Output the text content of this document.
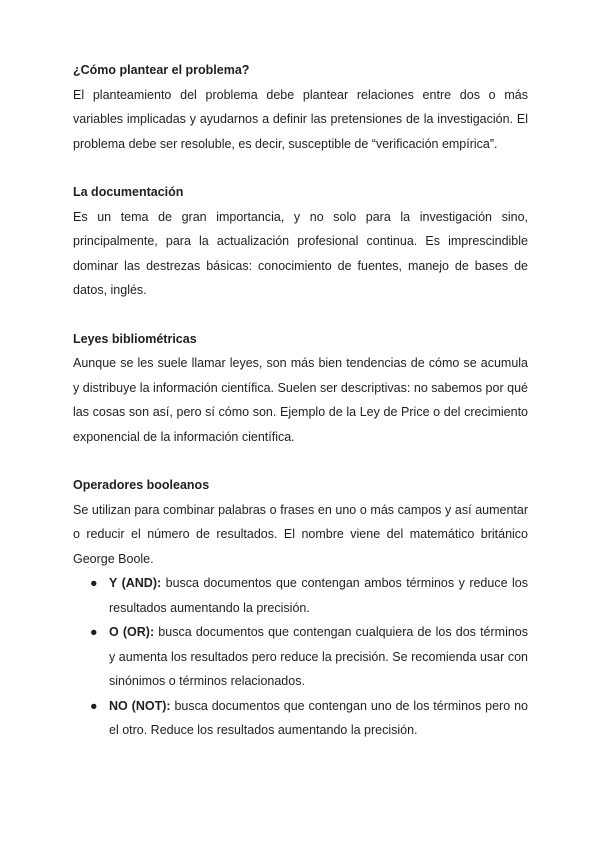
¿Cómo plantear el problema?

El planteamiento del problema debe plantear relaciones entre dos o más variables implicadas y ayudarnos a definir las pretensiones de la investigación. El problema debe ser resoluble, es decir, susceptible de “verificación empírica”.

La documentación

Es un tema de gran importancia, y no solo para la investigación sino, principalmente, para la actualización profesional continua. Es imprescindible dominar las destrezas básicas: conocimiento de fuentes, manejo de bases de datos, inglés.

Leyes bibliométricas

Aunque se les suele llamar leyes, son más bien tendencias de cómo se acumula y distribuye la información científica. Suelen ser descriptivas: no sabemos por qué las cosas son así, pero sí cómo son. Ejemplo de la Ley de Price o del crecimiento exponencial de la información científica.

Operadores booleanos

Se utilizan para combinar palabras o frases en uno o más campos y así aumentar o reducir el número de resultados. El nombre viene del matemático británico George Boole.

● Y (AND): busca documentos que contengan ambos términos y reduce los resultados aumentando la precisión.
● O (OR): busca documentos que contengan cualquiera de los dos términos y aumenta los resultados pero reduce la precisión. Se recomienda usar con sinónimos o términos relacionados.
● NO (NOT): busca documentos que contengan uno de los términos pero no el otro. Reduce los resultados aumentando la precisión.
